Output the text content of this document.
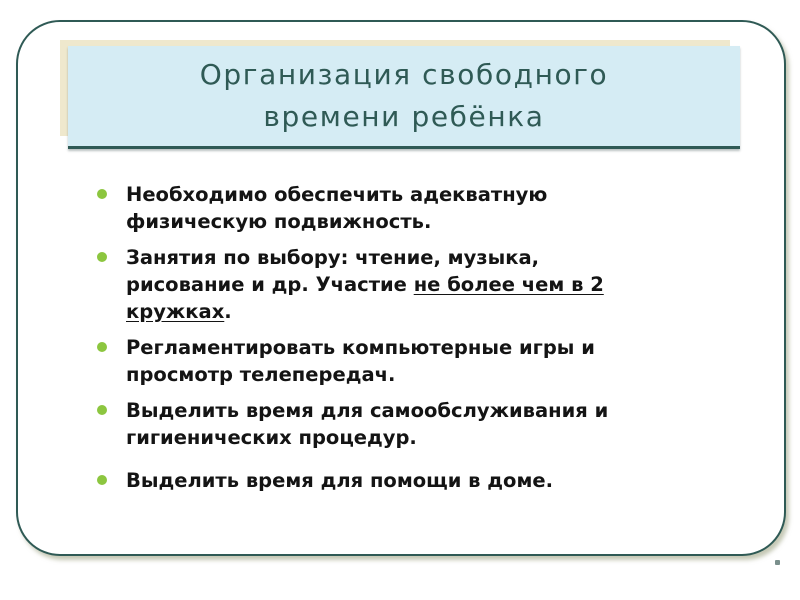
Организация свободного
времени ребёнка
Необходимо обеспечить адекватную
физическую подвижность.
Занятия по выбору: чтение, музыка,
рисование и др. Участие не более чем в 2
кружках.
Регламентировать компьютерные игры и
просмотр телепередач.
Выделить время для самообслуживания и
гигиенических процедур.
Выделить время для помощи в доме.
